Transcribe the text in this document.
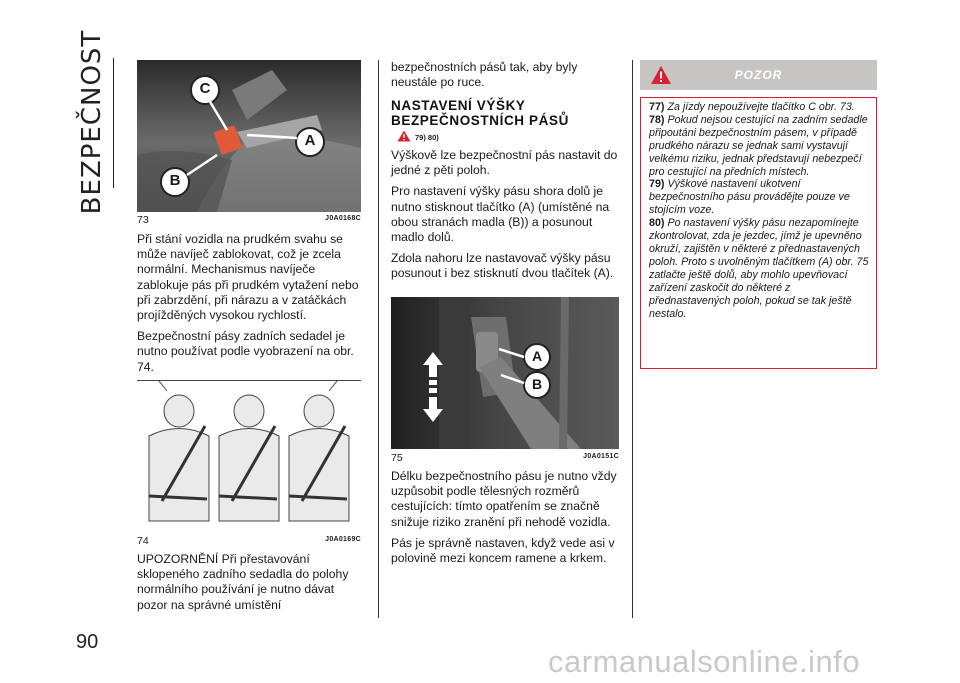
BEZPEČNOST
90
C
A
B
73	J0A0168C

Při stání vozidla na prudkém svahu se může navíječ zablokovat, což je zcela normální. Mechanismus navíječe zablokuje pás při prudkém vytažení nebo při zabrzdění, při nárazu a v zatáčkách projížděných vysokou rychlostí.

Bezpečnostní pásy zadních sedadel je nutno používat podle vyobrazení na obr. 74.

74	J0A0169C

UPOZORNĚNÍ Při přestavování sklopeného zadního sedadla do polohy normálního používání je nutno dávat pozor na správné umístění

bezpečnostních pásů tak, aby byly neustále po ruce.

NASTAVENÍ VÝŠKY
BEZPEČNOSTNÍCH PÁSŮ
79) 80)

Výškově lze bezpečnostní pás nastavit do jedné z pěti poloh.

Pro nastavení výšky pásu shora dolů je nutno stisknout tlačítko (A) (umístěné na obou stranách madla (B)) a posunout madlo dolů.

Zdola nahoru lze nastavovač výšky pásu posunout i bez stisknutí dvou tlačítek (A).

A
B
75	J0A0151C

Délku bezpečnostního pásu je nutno vždy uzpůsobit podle tělesných rozměrů cestujících: tímto opatřením se značně snižuje riziko zranění při nehodě vozidla.

Pás je správně nastaven, když vede asi v polovině mezi koncem ramene a krkem.

POZOR

77) Za jízdy nepoužívejte tlačítko C obr. 73.

78) Pokud nejsou cestující na zadním sedadle připoutáni bezpečnostním pásem, v případě prudkého nárazu se jednak sami vystavují velkému riziku, jednak představují nebezpečí pro cestující na předních místech.

79) Výškové nastavení ukotvení bezpečnostního pásu provádějte pouze ve stojícím voze.

80) Po nastavení výšky pásu nezapomínejte zkontrolovat, zda je jezdec, jímž je upevněno okruží, zajištěn v některé z přednastavených poloh. Proto s uvolněným tlačítkem (A) obr. 75 zatlačte ještě dolů, aby mohlo upevňovací zařízení zaskočit do některé z přednastavených poloh, pokud se tak ještě nestalo.

carmanualsonline.info
